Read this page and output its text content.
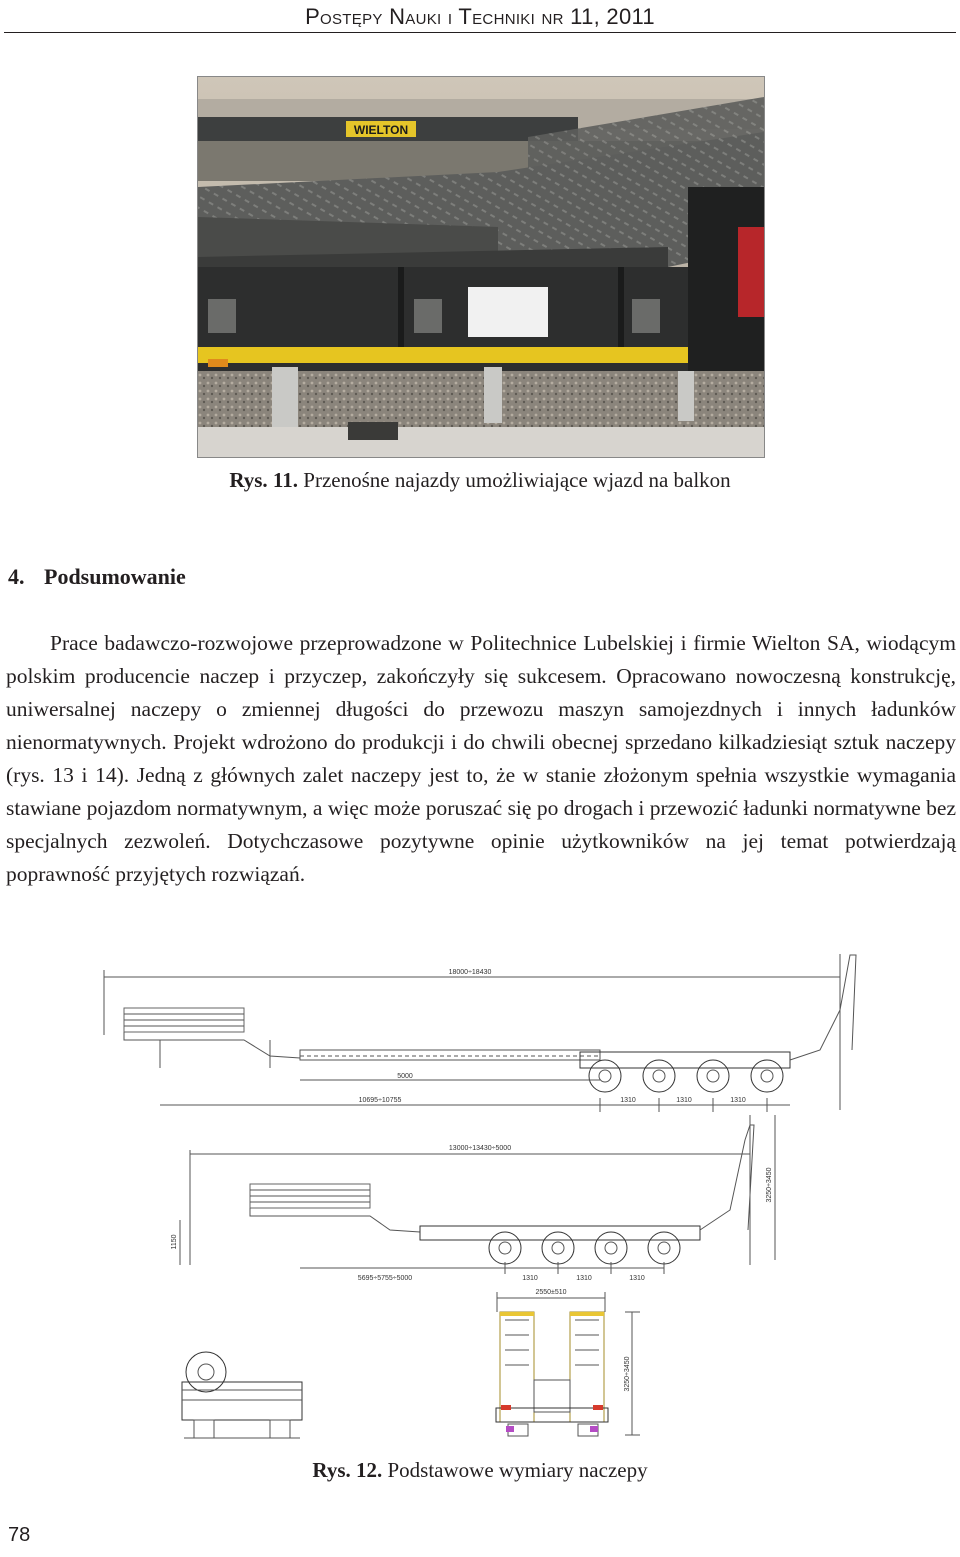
Postępy Nauki i Techniki nr 11, 2011
WIELTON
Rys. 11. Przenośne najazdy umożliwiające wjazd na balkon
4. Podsumowanie

Prace badawczo-rozwojowe przeprowadzone w Politechnice Lubelskiej i firmie Wielton SA, wiodącym polskim producencie naczep i przyczep, zakończyły się sukcesem. Opracowano nowoczesną konstrukcję, uniwersalnej naczepy o zmiennej długości do przewozu maszyn samojezdnych i innych ładunków nienormatywnych. Projekt wdrożono do produkcji i do chwili obecnej sprzedano kilkadziesiąt sztuk naczepy (rys. 13 i 14). Jedną z głównych zalet naczepy jest to, że w stanie złożonym spełnia wszystkie wymagania stawiane pojazdom normatywnym, a więc może poruszać się po drogach i przewozić ładunki normatywne bez specjalnych zezwoleń. Dotychczasowe pozytywne opinie użytkowników na jej temat potwierdzają poprawność przyjętych rozwiązań.

18000÷18430
5000
10695÷10755	1310	1310	1310
13000÷13430÷5000
1150
3250÷3450
5695÷5755÷5000	1310	1310	1310
2550±510
3250÷3450
Rys. 12. Podstawowe wymiary naczepy
78
